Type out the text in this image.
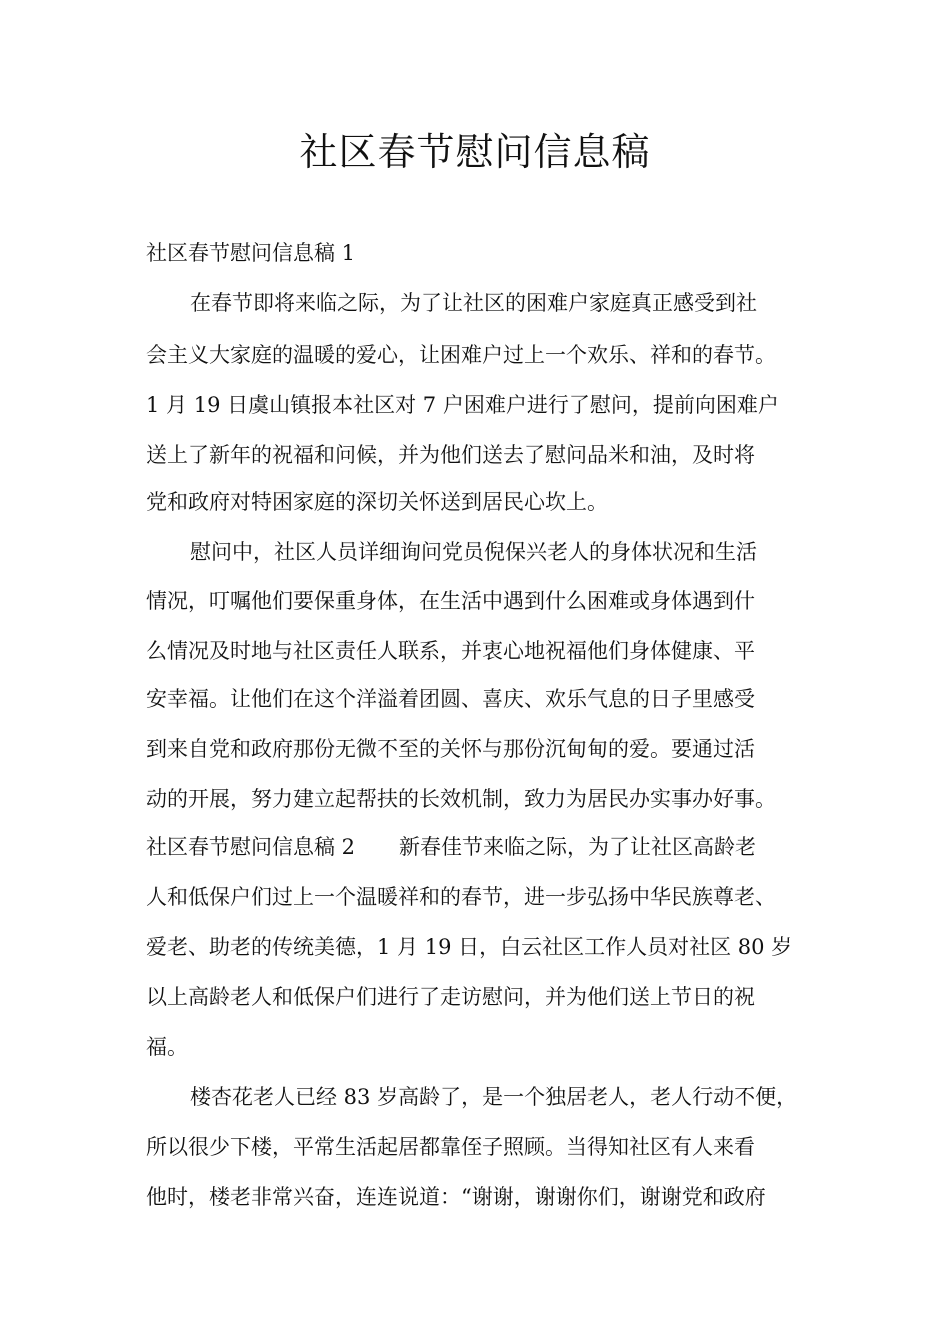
社区春节慰问信息稿
社区春节慰问信息稿 1
在春节即将来临之际，为了让社区的困难户家庭真正感受到社
会主义大家庭的温暖的爱心，让困难户过上一个欢乐、祥和的春节。
1 月 19 日虞山镇报本社区对 7 户困难户进行了慰问，提前向困难户
送上了新年的祝福和问候，并为他们送去了慰问品米和油，及时将
党和政府对特困家庭的深切关怀送到居民心坎上。
慰问中，社区人员详细询问党员倪保兴老人的身体状况和生活
情况，叮嘱他们要保重身体，在生活中遇到什么困难或身体遇到什
么情况及时地与社区责任人联系，并衷心地祝福他们身体健康、平
安幸福。让他们在这个洋溢着团圆、喜庆、欢乐气息的日子里感受
到来自党和政府那份无微不至的关怀与那份沉甸甸的爱。要通过活
动的开展，努力建立起帮扶的长效机制，致力为居民办实事办好事。
社区春节慰问信息稿 2 新春佳节来临之际，为了让社区高龄老
人和低保户们过上一个温暖祥和的春节，进一步弘扬中华民族尊老、
爱老、助老的传统美德，1 月 19 日，白云社区工作人员对社区 80 岁
以上高龄老人和低保户们进行了走访慰问，并为他们送上节日的祝
福。
楼杏花老人已经 83 岁高龄了，是一个独居老人，老人行动不便，
所以很少下楼，平常生活起居都靠侄子照顾。当得知社区有人来看
他时，楼老非常兴奋，连连说道：“谢谢，谢谢你们，谢谢党和政府
